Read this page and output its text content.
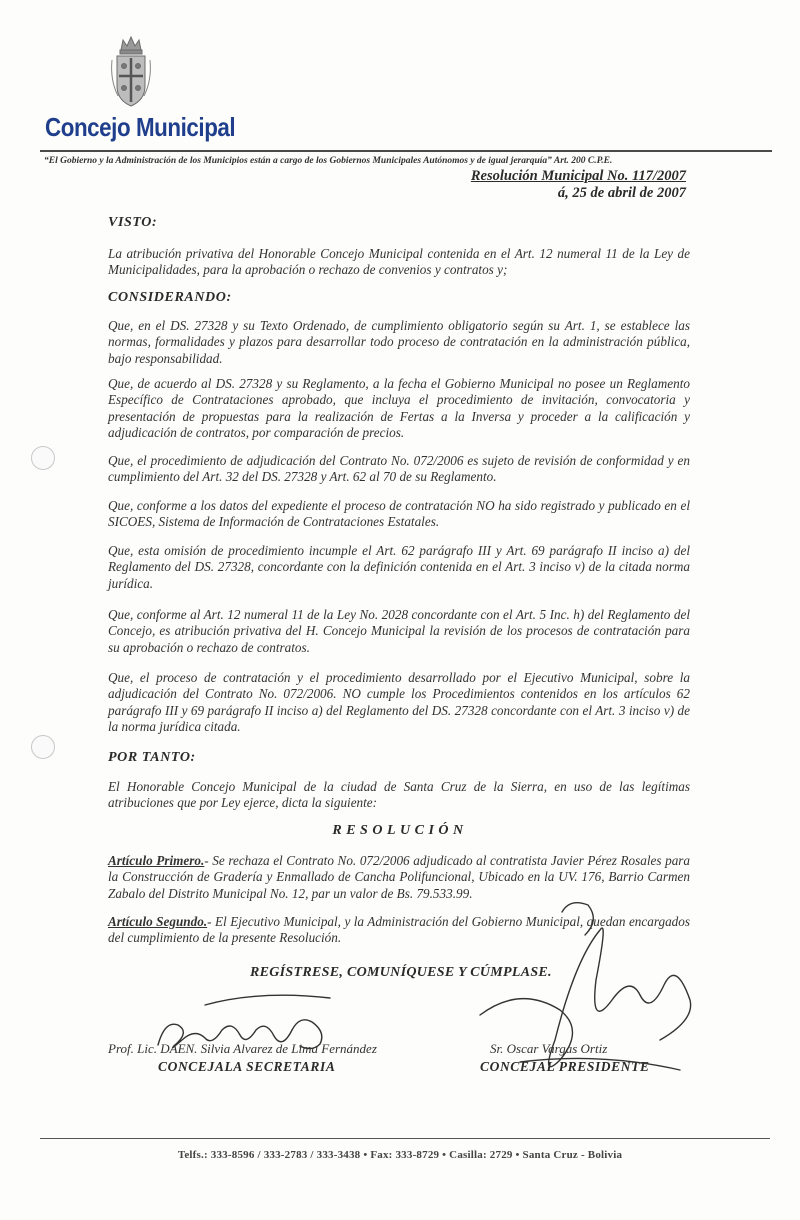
Concejo Municipal
“El Gobierno y la Administración de los Municipios están a cargo de los Gobiernos Municipales Autónomos y de igual jerarquía” Art. 200 C.P.E.
Resolución Municipal No. 117/2007
á, 25 de abril de 2007
VISTO:
La atribución privativa del Honorable Concejo Municipal contenida en el Art. 12 numeral 11 de la Ley de Municipalidades, para la aprobación o rechazo de convenios y contratos y;
CONSIDERANDO:
Que, en el DS. 27328 y su Texto Ordenado, de cumplimiento obligatorio según su Art. 1, se establece las normas, formalidades y plazos para desarrollar todo proceso de contratación en la administración pública, bajo responsabilidad.
Que, de acuerdo al DS. 27328 y su Reglamento, a la fecha el Gobierno Municipal no posee un Reglamento Específico de Contrataciones aprobado, que incluya el procedimiento de invitación, convocatoria y presentación de propuestas para la realización de Fertas a la Inversa y proceder a la calificación y adjudicación de contratos, por comparación de precios.
Que, el procedimiento de adjudicación del Contrato No. 072/2006 es sujeto de revisión de conformidad y en cumplimiento del Art. 32 del DS. 27328 y Art. 62 al 70 de su Reglamento.
Que, conforme a los datos del expediente el proceso de contratación NO ha sido registrado y publicado en el SICOES, Sistema de Información de Contrataciones Estatales.
Que, esta omisión de procedimiento incumple el Art. 62 parágrafo III y Art. 69 parágrafo II inciso a) del Reglamento del DS. 27328, concordante con la definición contenida en el Art. 3 inciso v) de la citada norma jurídica.
Que, conforme al Art. 12 numeral 11 de la Ley No. 2028 concordante con el Art. 5 Inc. h) del Reglamento del Concejo, es atribución privativa del H. Concejo Municipal la revisión de los procesos de contratación para su aprobación o rechazo de contratos.
Que, el proceso de contratación y el procedimiento desarrollado por el Ejecutivo Municipal, sobre la adjudicación del Contrato No. 072/2006. NO cumple los Procedimientos contenidos en los artículos 62 parágrafo III y 69 parágrafo II inciso a) del Reglamento del DS. 27328 concordante con el Art. 3 inciso v) de la norma jurídica citada.
POR TANTO:
El Honorable Concejo Municipal de la ciudad de Santa Cruz de la Sierra, en uso de las legítimas atribuciones que por Ley ejerce, dicta la siguiente:
RESOLUCIÓN
Artículo Primero.- Se rechaza el Contrato No. 072/2006 adjudicado al contratista Javier Pérez Rosales para la Construcción de Gradería y Enmallado de Cancha Polifuncional, Ubicado en la UV. 176, Barrio Carmen Zabalo del Distrito Municipal No. 12, par un valor de Bs. 79.533.99.
Artículo Segundo.- El Ejecutivo Municipal, y la Administración del Gobierno Municipal, quedan encargados del cumplimiento de la presente Resolución.
REGÍSTRESE, COMUNÍQUESE Y CÚMPLASE.
Prof. Lic. DAEN. Silvia Alvarez de Lima Fernández
CONCEJALA SECRETARIA
Sr. Oscar Vargas Ortiz
CONCEJAL PRESIDENTE
Telfs.: 333-8596 / 333-2783 / 333-3438 • Fax: 333-8729 • Casilla: 2729 • Santa Cruz - Bolivia
